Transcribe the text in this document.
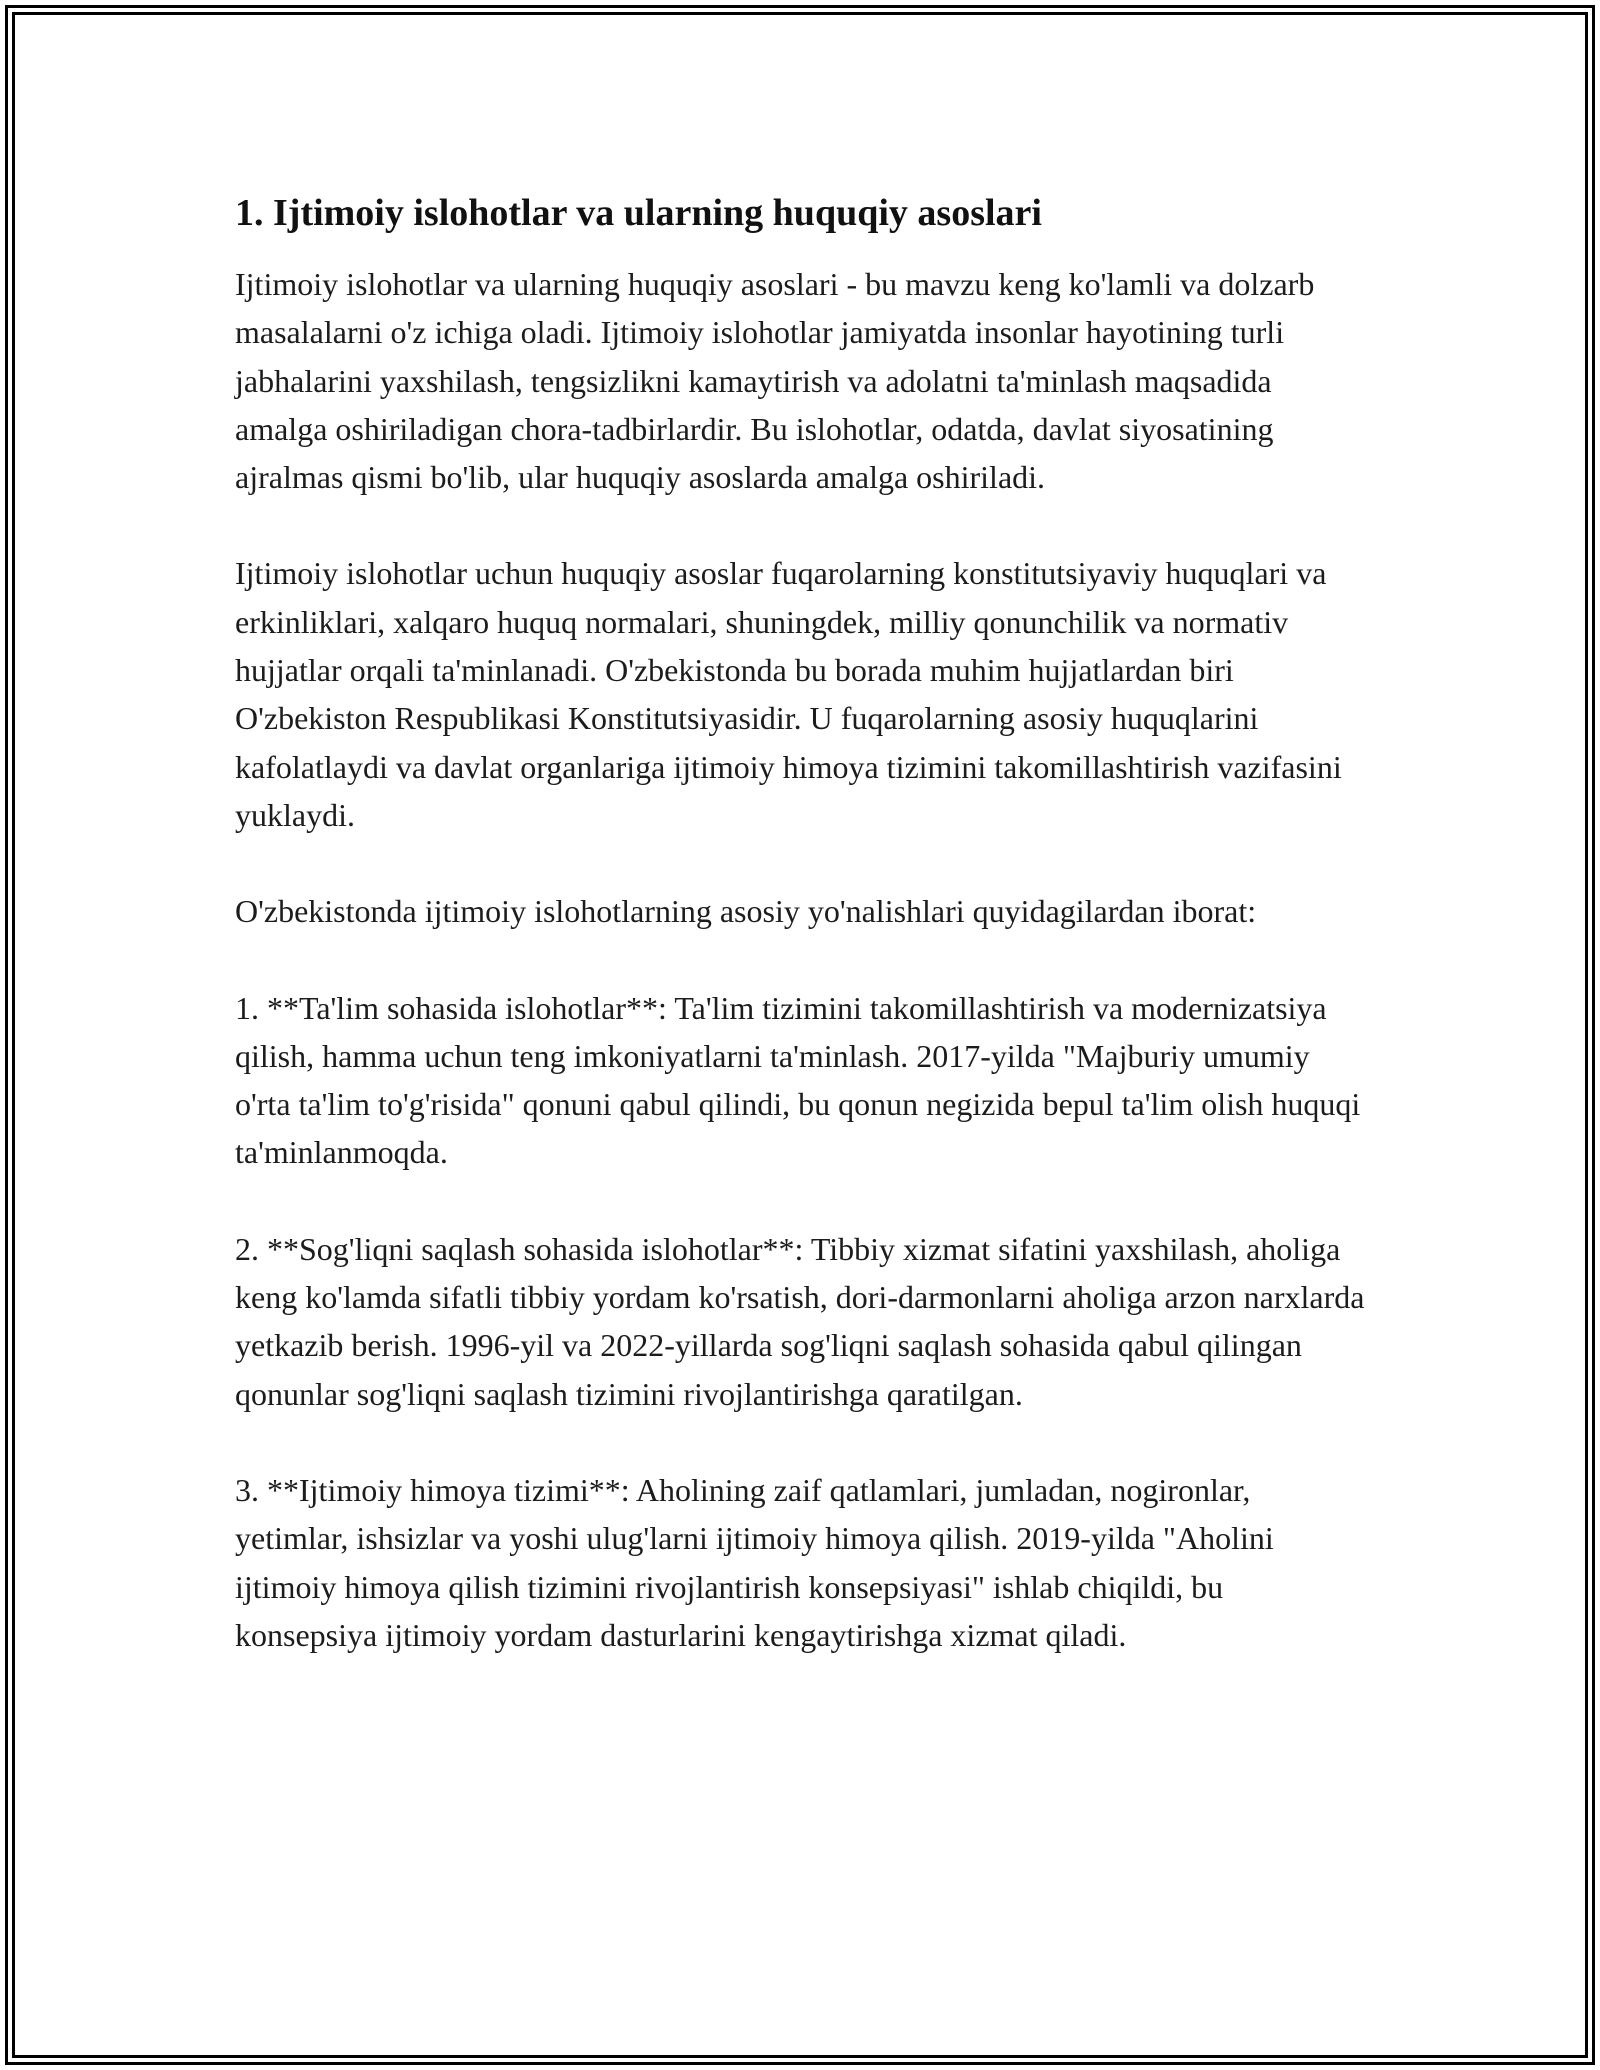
1. Ijtimoiy islohotlar va ularning huquqiy asoslari

Ijtimoiy islohotlar va ularning huquqiy asoslari - bu mavzu keng ko'lamli va dolzarb masalalarni o'z ichiga oladi. Ijtimoiy islohotlar jamiyatda insonlar hayotining turli jabhalarini yaxshilash, tengsizlikni kamaytirish va adolatni ta'minlash maqsadida amalga oshiriladigan chora-tadbirlardir. Bu islohotlar, odatda, davlat siyosatining ajralmas qismi bo'lib, ular huquqiy asoslarda amalga oshiriladi.

Ijtimoiy islohotlar uchun huquqiy asoslar fuqarolarning konstitutsiyaviy huquqlari va erkinliklari, xalqaro huquq normalari, shuningdek, milliy qonunchilik va normativ hujjatlar orqali ta'minlanadi. O'zbekistonda bu borada muhim hujjatlardan biri O'zbekiston Respublikasi Konstitutsiyasidir. U fuqarolarning asosiy huquqlarini kafolatlaydi va davlat organlariga ijtimoiy himoya tizimini takomillashtirish vazifasini yuklaydi.

O'zbekistonda ijtimoiy islohotlarning asosiy yo'nalishlari quyidagilardan iborat:

1. **Ta'lim sohasida islohotlar**: Ta'lim tizimini takomillashtirish va modernizatsiya qilish, hamma uchun teng imkoniyatlarni ta'minlash. 2017-yilda "Majburiy umumiy o'rta ta'lim to'g'risida" qonuni qabul qilindi, bu qonun negizida bepul ta'lim olish huquqi ta'minlanmoqda.

2. **Sog'liqni saqlash sohasida islohotlar**: Tibbiy xizmat sifatini yaxshilash, aholiga keng ko'lamda sifatli tibbiy yordam ko'rsatish, dori-darmonlarni aholiga arzon narxlarda yetkazib berish. 1996-yil va 2022-yillarda sog'liqni saqlash sohasida qabul qilingan qonunlar sog'liqni saqlash tizimini rivojlantirishga qaratilgan.

3. **Ijtimoiy himoya tizimi**: Aholining zaif qatlamlari, jumladan, nogironlar, yetimlar, ishsizlar va yoshi ulug'larni ijtimoiy himoya qilish. 2019-yilda "Aholini ijtimoiy himoya qilish tizimini rivojlantirish konsepsiyasi" ishlab chiqildi, bu konsepsiya ijtimoiy yordam dasturlarini kengaytirishga xizmat qiladi.
